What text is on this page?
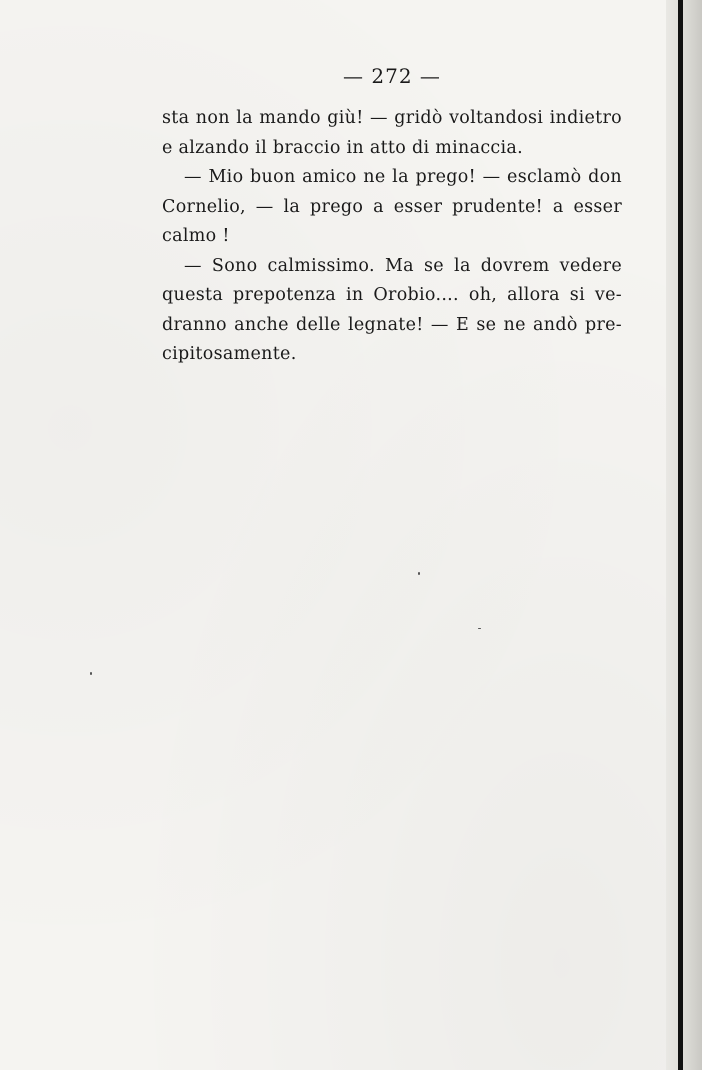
— 272 —
sta non la mando giù! — gridò voltandosi indietro
e alzando il braccio in atto di minaccia.
— Mio buon amico ne la prego! — esclamò don
Cornelio, — la prego a esser prudente! a esser
calmo !
— Sono calmissimo. Ma se la dovrem vedere
questa prepotenza in Orobio.... oh, allora si ve-
dranno anche delle legnate! — E se ne andò pre-
cipitosamente.
